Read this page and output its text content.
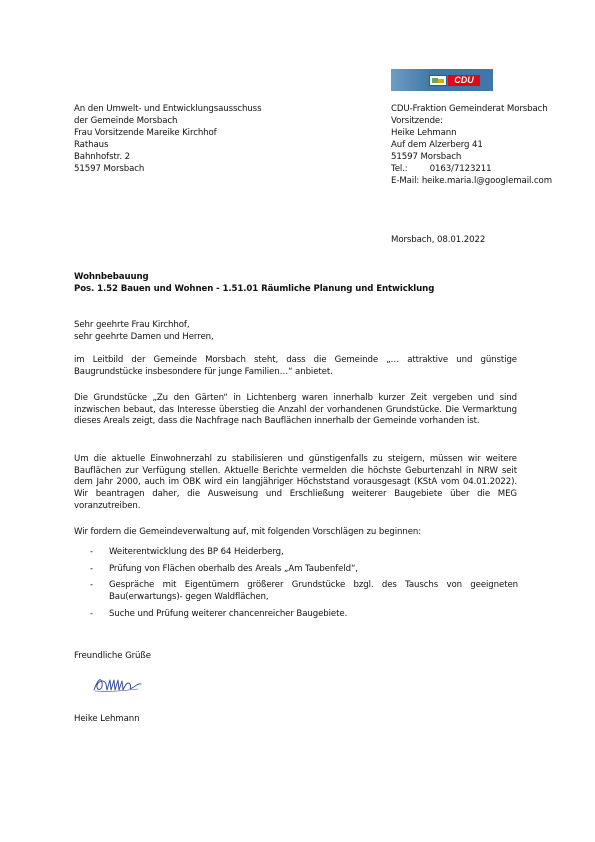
CDU
An den Umwelt- und Entwicklungsausschuss
der Gemeinde Morsbach
Frau Vorsitzende Mareike Kirchhof
Rathaus
Bahnhofstr. 2
51597 Morsbach
CDU-Fraktion Gemeinderat Morsbach
Vorsitzende:
Heike Lehmann
Auf dem Alzerberg 41
51597 Morsbach
Tel.:	0163/7123211
E-Mail: heike.maria.l@googlemail.com
Morsbach, 08.01.2022
Wohnbebauung
Pos. 1.52 Bauen und Wohnen - 1.51.01 Räumliche Planung und Entwicklung
Sehr geehrte Frau Kirchhof,
sehr geehrte Damen und Herren,
im Leitbild der Gemeinde Morsbach steht, dass die Gemeinde „… attraktive und günstige Baugrundstücke insbesondere für junge Familien…“ anbietet.
Die Grundstücke „Zu den Gärten“ in Lichtenberg waren innerhalb kurzer Zeit vergeben und sind inzwischen bebaut, das Interesse überstieg die Anzahl der vorhandenen Grundstücke. Die Vermarktung dieses Areals zeigt, dass die Nachfrage nach Bauflächen innerhalb der Gemeinde vorhanden ist.
Um die aktuelle Einwohnerzahl zu stabilisieren und günstigenfalls zu steigern, müssen wir weitere Bauflächen zur Verfügung stellen. Aktuelle Berichte vermelden die höchste Geburtenzahl in NRW seit dem Jahr 2000, auch im OBK wird ein langjähriger Höchststand vorausgesagt (KStA vom 04.01.2022). Wir beantragen daher, die Ausweisung und Erschließung weiterer Baugebiete über die MEG voranzutreiben.
Wir fordern die Gemeindeverwaltung auf, mit folgenden Vorschlägen zu beginnen:
- Weiterentwicklung des BP 64 Heiderberg,
- Prüfung von Flächen oberhalb des Areals „Am Taubenfeld“,
- Gespräche mit Eigentümern größerer Grundstücke bzgl. des Tauschs von geeigneten Bau(erwartungs)- gegen Waldflächen,
- Suche und Prüfung weiterer chancenreicher Baugebiete.
Freundliche Grüße
Heike Lehmann
